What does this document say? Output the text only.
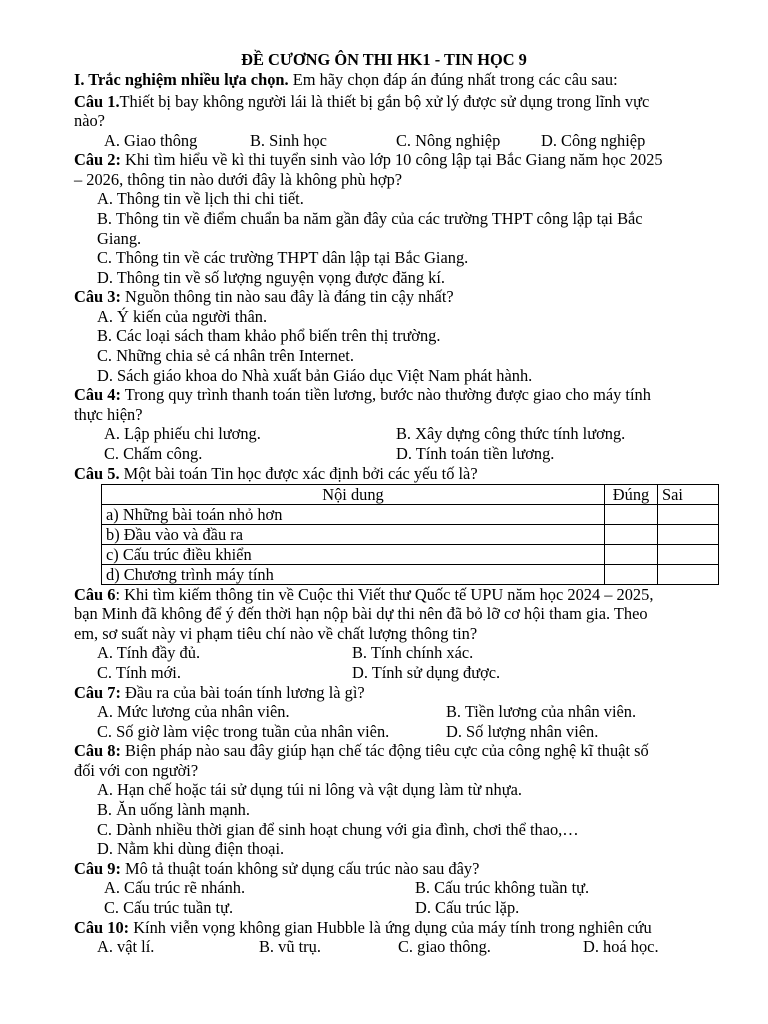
ĐỀ CƯƠNG ÔN THI HK1 - TIN HỌC 9
I. Trắc nghiệm nhiều lựa chọn. Em hãy chọn đáp án đúng nhất trong các câu sau:
Câu 1.Thiết bị bay không người lái là thiết bị gắn bộ xử lý được sử dụng trong lĩnh vực
nào?
A. Giao thông	B. Sinh học	C. Nông nghiệp D. Công nghiệp
Câu 2: Khi tìm hiểu về kì thi tuyển sinh vào lớp 10 công lập tại Bắc Giang năm học 2025
– 2026, thông tin nào dưới đây là không phù hợp?
A. Thông tin về lịch thi chi tiết.
B. Thông tin về điểm chuẩn ba năm gần đây của các trường THPT công lập tại Bắc
Giang.
C. Thông tin về các trường THPT dân lập tại Bắc Giang.
D. Thông tin về số lượng nguyện vọng được đăng kí.
Câu 3: Nguồn thông tin nào sau đây là đáng tin cậy nhất?
A. Ý kiến của người thân.
B. Các loại sách tham khảo phổ biến trên thị trường.
C. Những chia sẻ cá nhân trên Internet.
D. Sách giáo khoa do Nhà xuất bản Giáo dục Việt Nam phát hành.
Câu 4: Trong quy trình thanh toán tiền lương, bước nào thường được giao cho máy tính
thực hiện?
A. Lập phiếu chi lương.	B. Xây dựng công thức tính lương.
C. Chấm công.	D. Tính toán tiền lương.
Câu 5. Một bài toán Tin học được xác định bởi các yếu tố là?
Nội dung	Đúng	Sai
a) Những bài toán nhỏ hơn		
b) Đầu vào và đầu ra		
c) Cấu trúc điều khiển		
d) Chương trình máy tính		
Câu 6: Khi tìm kiếm thông tin về Cuộc thi Viết thư Quốc tế UPU năm học 2024 – 2025,
bạn Minh đã không để ý đến thời hạn nộp bài dự thi nên đã bỏ lỡ cơ hội tham gia. Theo
em, sơ suất này vi phạm tiêu chí nào về chất lượng thông tin?
A. Tính đầy đủ.	B. Tính chính xác.
C. Tính mới.	D. Tính sử dụng được.
Câu 7: Đầu ra của bài toán tính lương là gì?
A. Mức lương của nhân viên.	B. Tiền lương của nhân viên.
C. Số giờ làm việc trong tuần của nhân viên.	D. Số lượng nhân viên.
Câu 8: Biện pháp nào sau đây giúp hạn chế tác động tiêu cực của công nghệ kĩ thuật số
đối với con người?
A. Hạn chế hoặc tái sử dụng túi ni lông và vật dụng làm từ nhựa.
B. Ăn uống lành mạnh.
C. Dành nhiều thời gian để sinh hoạt chung với gia đình, chơi thể thao,…
D. Nằm khi dùng điện thoại.
Câu 9: Mô tả thuật toán không sử dụng cấu trúc nào sau đây?
A. Cấu trúc rẽ nhánh.	B. Cấu trúc không tuần tự.
C. Cấu trúc tuần tự.	D. Cấu trúc lặp.
Câu 10: Kính viễn vọng không gian Hubble là ứng dụng của máy tính trong nghiên cứu
A. vật lí.	B. vũ trụ.	C. giao thông.	D. hoá học.
